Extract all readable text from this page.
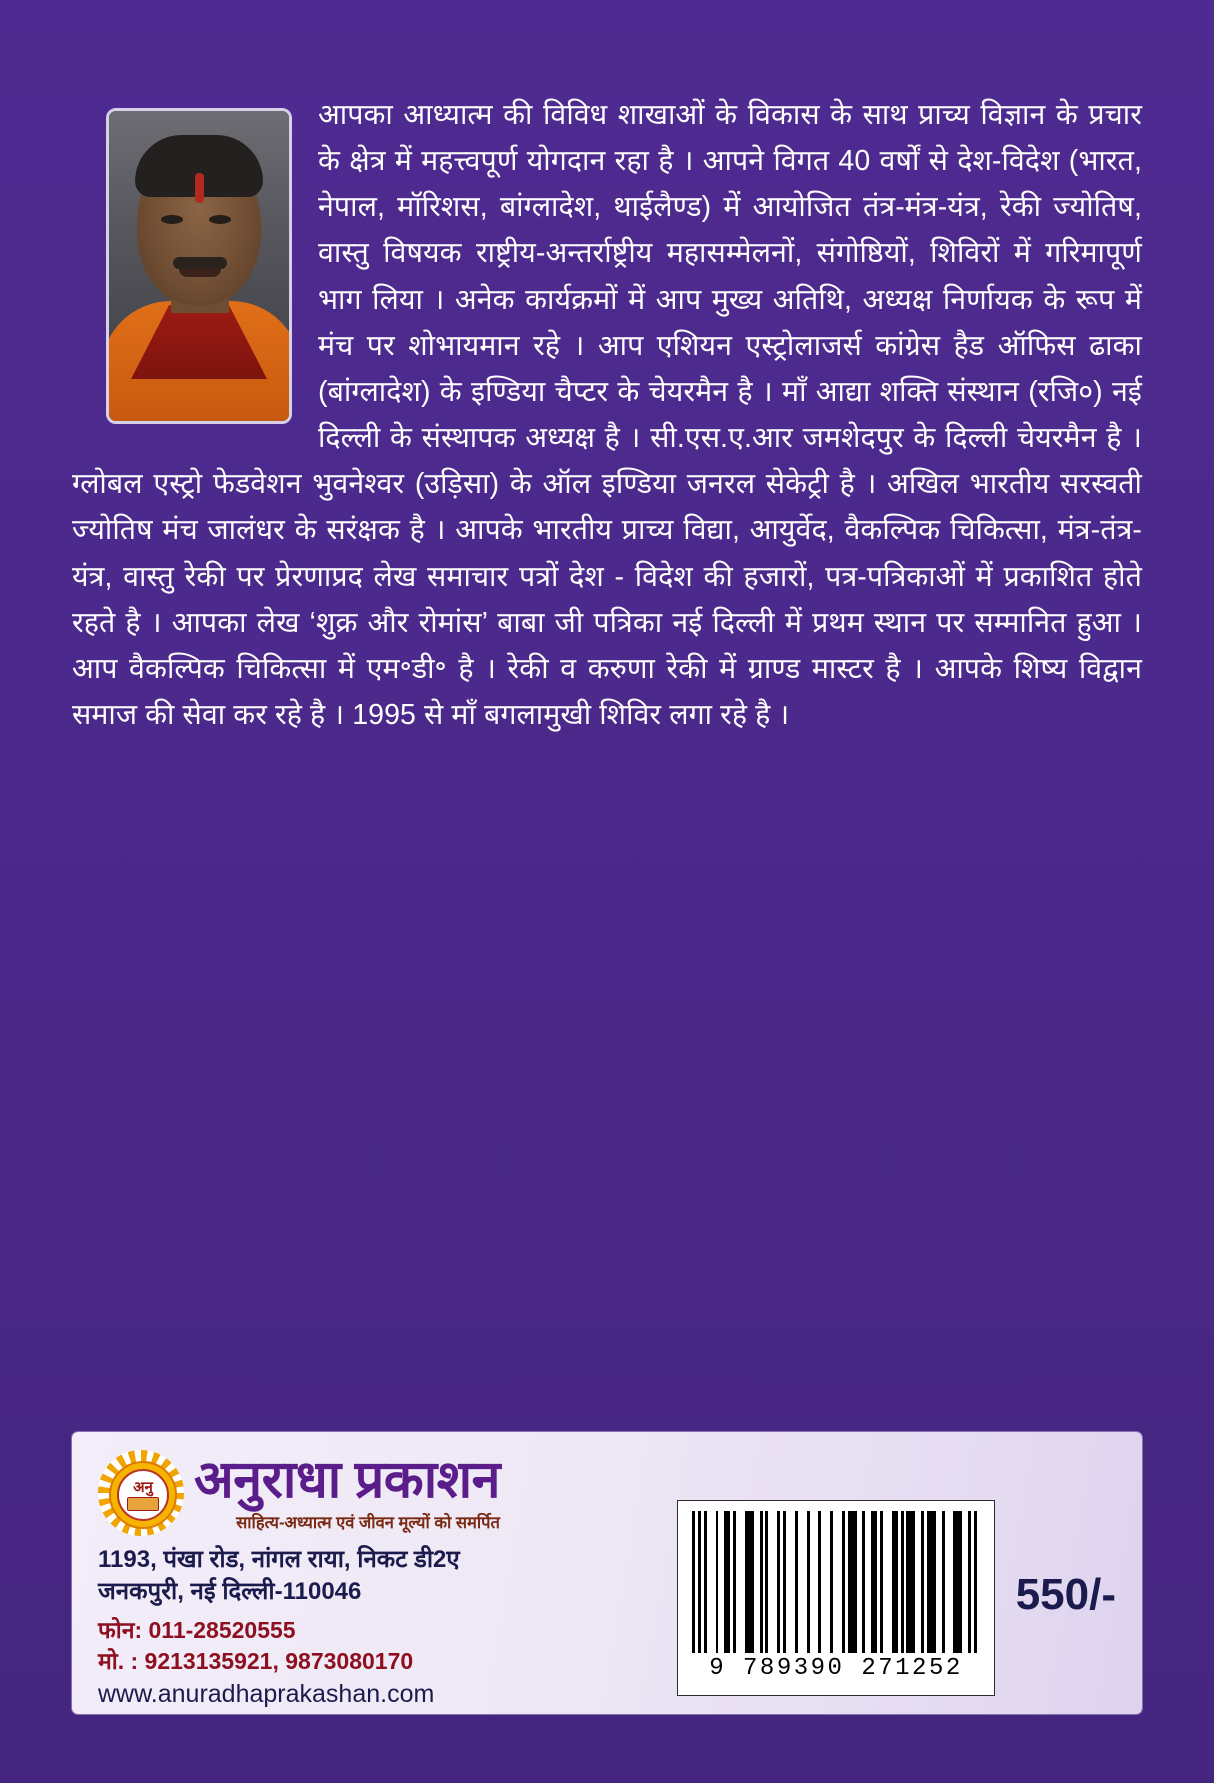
आपका आध्यात्म की विविध शाखाओं के विकास के साथ प्राच्य विज्ञान के प्रचार के क्षेत्र में महत्त्वपूर्ण योगदान रहा है । आपने विगत 40 वर्षों से देश-विदेश (भारत, नेपाल, मॉरिशस, बांग्लादेश, थाईलैण्ड) में आयोजित तंत्र-मंत्र-यंत्र, रेकी ज्योतिष, वास्तु विषयक राष्ट्रीय-अन्तर्राष्ट्रीय महासम्मेलनों, संगोष्ठियों, शिविरों में गरिमापूर्ण भाग लिया । अनेक कार्यक्रमों में आप मुख्य अतिथि, अध्यक्ष निर्णायक के रूप में मंच पर शोभायमान रहे । आप एशियन एस्ट्रोलाजर्स कांग्रेस हैड ऑफिस ढाका (बांग्लादेश) के इण्डिया चैप्टर के चेयरमैन है । माँ आद्या शक्ति संस्थान (रजि०) नई दिल्ली के संस्थापक अध्यक्ष है । सी.एस.ए.आर जमशेदपुर के दिल्ली चेयरमैन है । ग्लोबल एस्ट्रो फेडवेशन भुवनेश्वर (उड़िसा) के ऑल इण्डिया जनरल सेकेट्री है । अखिल भारतीय सरस्वती ज्योतिष मंच जालंधर के सरंक्षक है । आपके भारतीय प्राच्य विद्या, आयुर्वेद, वैकल्पिक चिकित्सा, मंत्र-तंत्र-यंत्र, वास्तु रेकी पर प्रेरणाप्रद लेख समाचार पत्रों देश - विदेश की हजारों, पत्र-पत्रिकाओं में प्रकाशित होते रहते है । आपका लेख ‘शुक्र और रोमांस’ बाबा जी पत्रिका नई दिल्ली में प्रथम स्थान पर सम्मानित हुआ । आप वैकल्पिक चिकित्सा में एम॰डी॰ है । रेकी व करुणा रेकी में ग्राण्ड मास्टर है । आपके शिष्य विद्वान समाज की सेवा कर रहे है । 1995 से माँ बगलामुखी शिविर लगा रहे है ।
अनु अनुराधा प्रकाशन
साहित्य-अध्यात्म एवं जीवन मूल्यों को समर्पित
1193, पंखा रोड, नांगल राया, निकट डी2ए
जनकपुरी, नई दिल्ली-110046
फोन: 011-28520555
मो. : 9213135921, 9873080170
www.anuradhaprakashan.com
9 789390 271252
550/-
